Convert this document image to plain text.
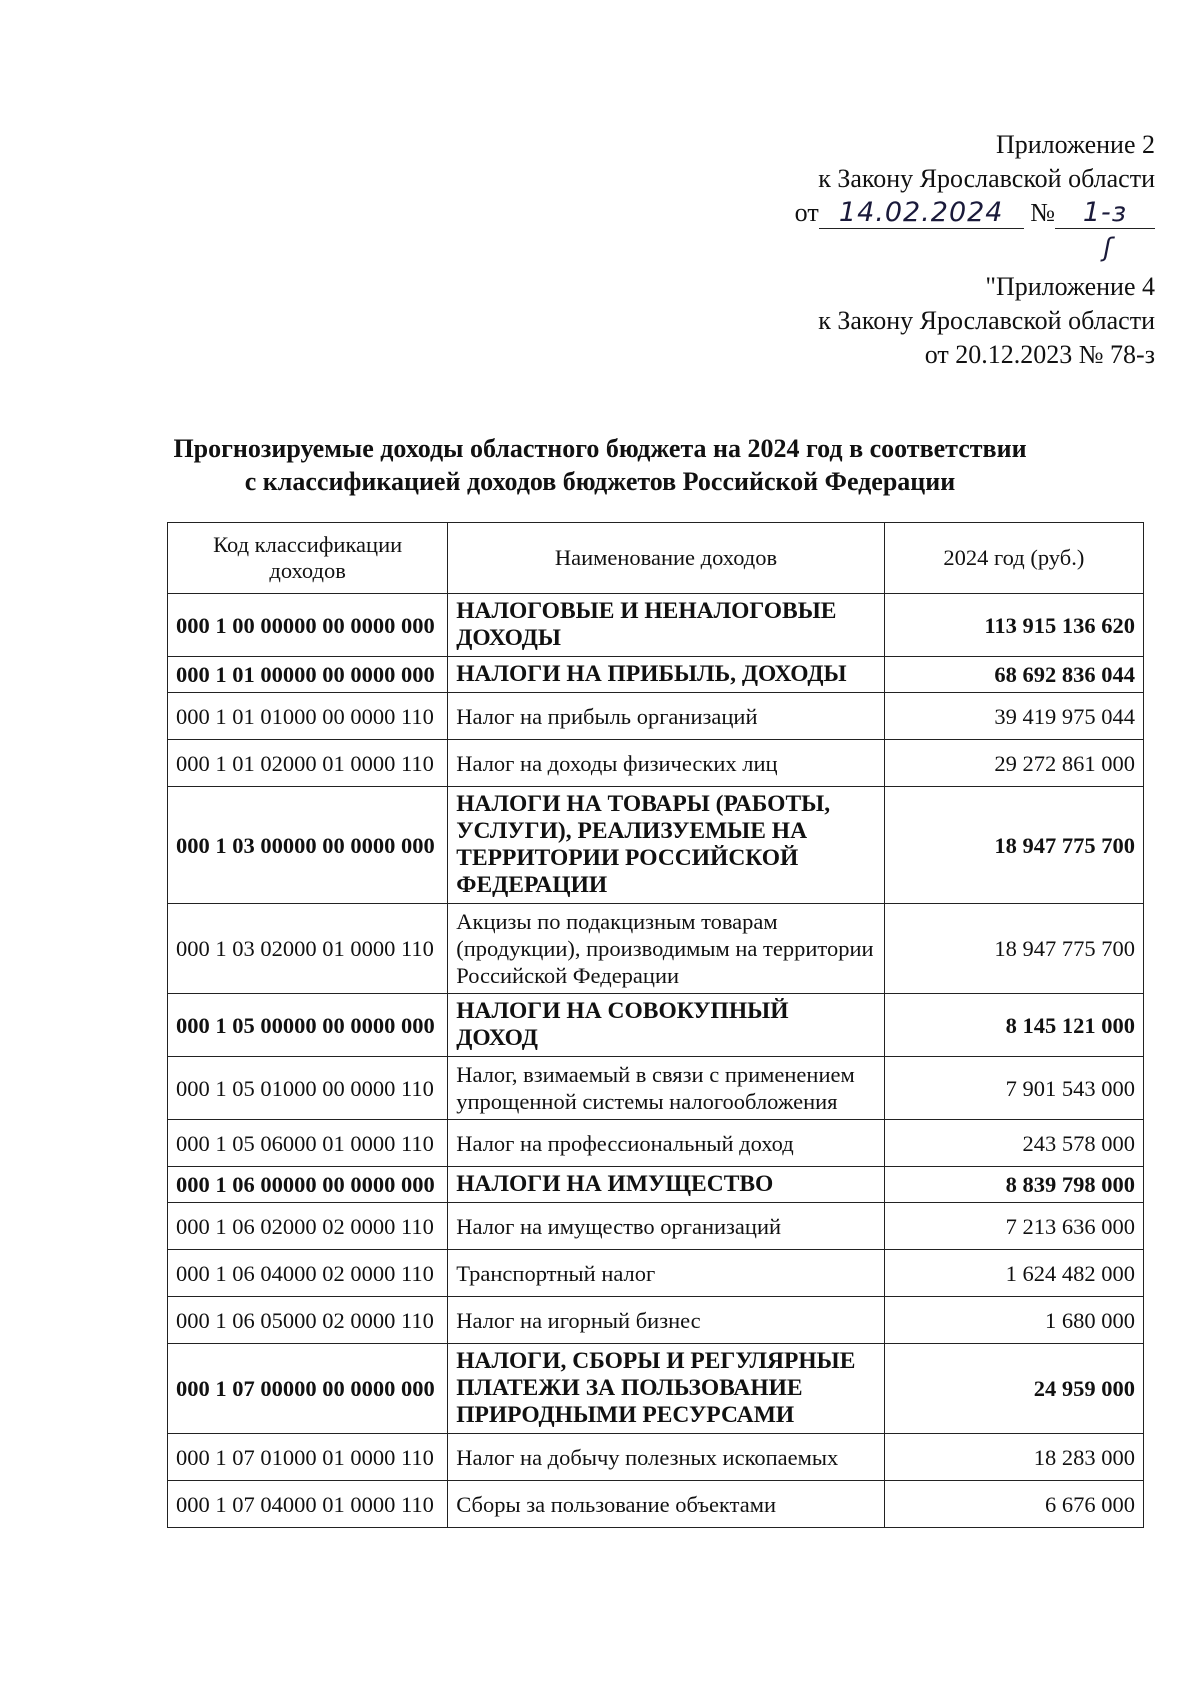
Приложение 2
к Закону Ярославской области
от 14.02.2024 № 1-з
ʃ
"Приложение 4
к Закону Ярославской области
от 20.12.2023 № 78-з
Прогнозируемые доходы областного бюджета на 2024 год в соответствии
с классификацией доходов бюджетов Российской Федерации
Код классификации доходов	Наименование доходов	2024 год (руб.)
000 1 00 00000 00 0000 000	НАЛОГОВЫЕ И НЕНАЛОГОВЫЕ ДОХОДЫ	113 915 136 620
000 1 01 00000 00 0000 000	НАЛОГИ НА ПРИБЫЛЬ, ДОХОДЫ	68 692 836 044
000 1 01 01000 00 0000 110	Налог на прибыль организаций	39 419 975 044
000 1 01 02000 01 0000 110	Налог на доходы физических лиц	29 272 861 000
000 1 03 00000 00 0000 000	НАЛОГИ НА ТОВАРЫ (РАБОТЫ, УСЛУГИ), РЕАЛИЗУЕМЫЕ НА ТЕРРИТОРИИ РОССИЙСКОЙ ФЕДЕРАЦИИ	18 947 775 700
000 1 03 02000 01 0000 110	Акцизы по подакцизным товарам (продукции), производимым на территории Российской Федерации	18 947 775 700
000 1 05 00000 00 0000 000	НАЛОГИ НА СОВОКУПНЫЙ ДОХОД	8 145 121 000
000 1 05 01000 00 0000 110	Налог, взимаемый в связи с применением упрощенной системы налогообложения	7 901 543 000
000 1 05 06000 01 0000 110	Налог на профессиональный доход	243 578 000
000 1 06 00000 00 0000 000	НАЛОГИ НА ИМУЩЕСТВО	8 839 798 000
000 1 06 02000 02 0000 110	Налог на имущество организаций	7 213 636 000
000 1 06 04000 02 0000 110	Транспортный налог	1 624 482 000
000 1 06 05000 02 0000 110	Налог на игорный бизнес	1 680 000
000 1 07 00000 00 0000 000	НАЛОГИ, СБОРЫ И РЕГУЛЯРНЫЕ ПЛАТЕЖИ ЗА ПОЛЬЗОВАНИЕ ПРИРОДНЫМИ РЕСУРСАМИ	24 959 000
000 1 07 01000 01 0000 110	Налог на добычу полезных ископаемых	18 283 000
000 1 07 04000 01 0000 110	Сборы за пользование объектами	6 676 000
